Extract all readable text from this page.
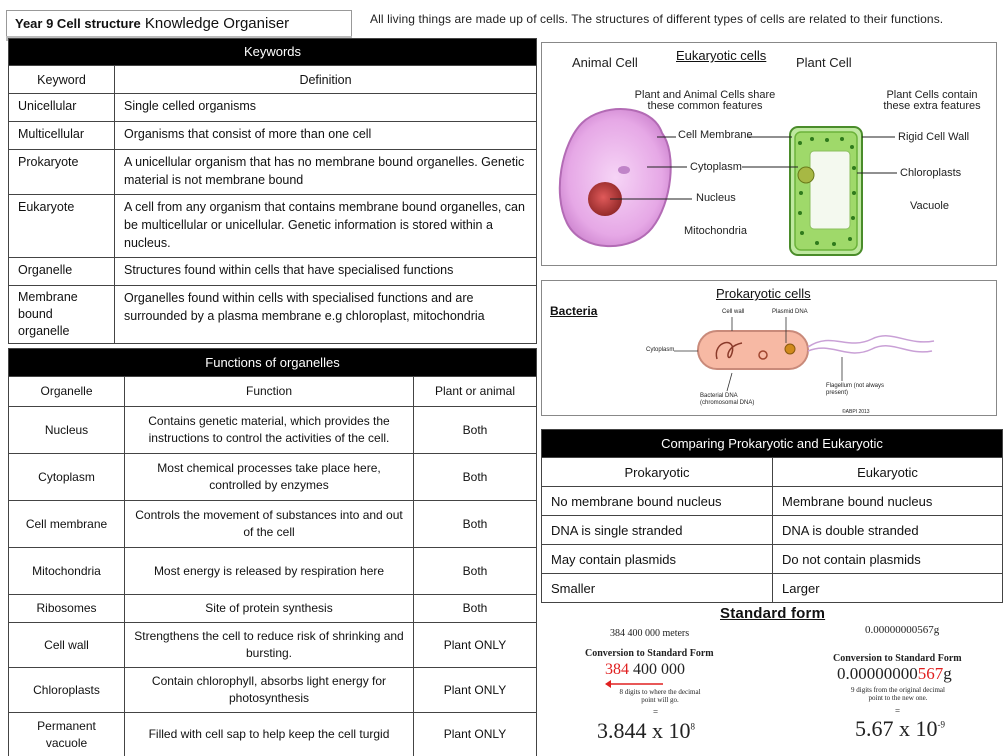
Year 9 Cell structure Knowledge Organiser	All living things are made up of cells. The structures of different types of cells are related to their functions.
Keywords	
Keyword	Definition
Unicellular	Single celled organisms
Multicellular	Organisms that consist of more than one cell
Prokaryote	A unicellular organism that has no membrane bound organelles. Genetic material is not membrane bound
Eukaryote	A cell from any organism that contains membrane bound organelles, can be multicellular or unicellular. Genetic information is stored within a nucleus.
Organelle	Structures found within cells that have specialised functions
Membrane bound organelle	Organelles found within cells with specialised functions and are surrounded by a plasma membrane e.g chloroplast, mitochondria
Functions of organelles		
Organelle	Function	Plant or animal
Nucleus	Contains genetic material, which provides the instructions to control the activities of the cell.	Both
Cytoplasm	Most chemical processes take place here, controlled by enzymes	Both
Cell membrane	Controls the movement of substances into and out of the cell	Both
Mitochondria	Most energy is released by respiration here	Both
Ribosomes	Site of protein synthesis	Both
Cell wall	Strengthens the cell to reduce risk of shrinking and bursting.	Plant ONLY
Chloroplasts	Contain chlorophyll, absorbs light energy for photosynthesis	Plant ONLY
Permanent vacuole	Filled with cell sap to help keep the cell turgid	Plant ONLY
Animal Cell	Eukaryotic cells Plant Cell
Plant and Animal Cells share these common features
Plant Cells contain these extra features
Cell Membrane
Cytoplasm
Nucleus
Mitochondria
Rigid Cell Wall
Chloroplasts
Vacuole
Prokaryotic cells
Bacteria	Cell wall	Plasmid DNA
Cytoplasm
Bacterial DNA (chromosomal DNA)
Flagellum (not always present)
©ABPI 2013
Comparing Prokaryotic and Eukaryotic	
Prokaryotic	Eukaryotic
No membrane bound nucleus	Membrane bound nucleus
DNA is single stranded	DNA is double stranded
May contain plasmids	Do not contain plasmids
Smaller	Larger
Standard form
384 400 000 meters
Conversion to Standard Form
384 400 000
8 digits to where the decimal point will go.
=
3.844 x $10^8$
0.00000000567g
Conversion to Standard Form
0.00000000567g
9 digits from the original decimal point to the new one.
=
5.67 x $10^{-9}$
